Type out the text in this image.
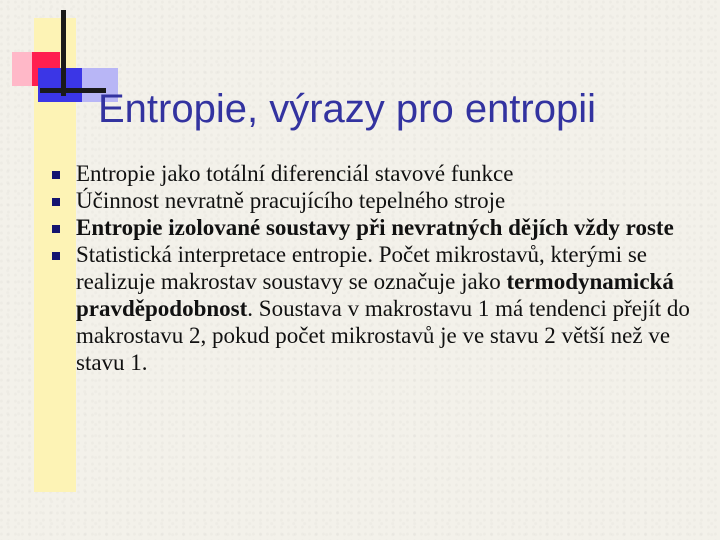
Entropie, výrazy pro entropii
Entropie jako totální diferenciál stavové funkce
Účinnost nevratně pracujícího tepelného stroje
Entropie izolované soustavy při nevratných dějích vždy roste
Statistická interpretace entropie. Počet mikrostavů, kterými se realizuje makrostav soustavy se označuje jako termodynamická pravděpodobnost. Soustava v makrostavu 1 má tendenci přejít do makrostavu 2, pokud počet mikrostavů je ve stavu 2 větší než ve stavu 1.
